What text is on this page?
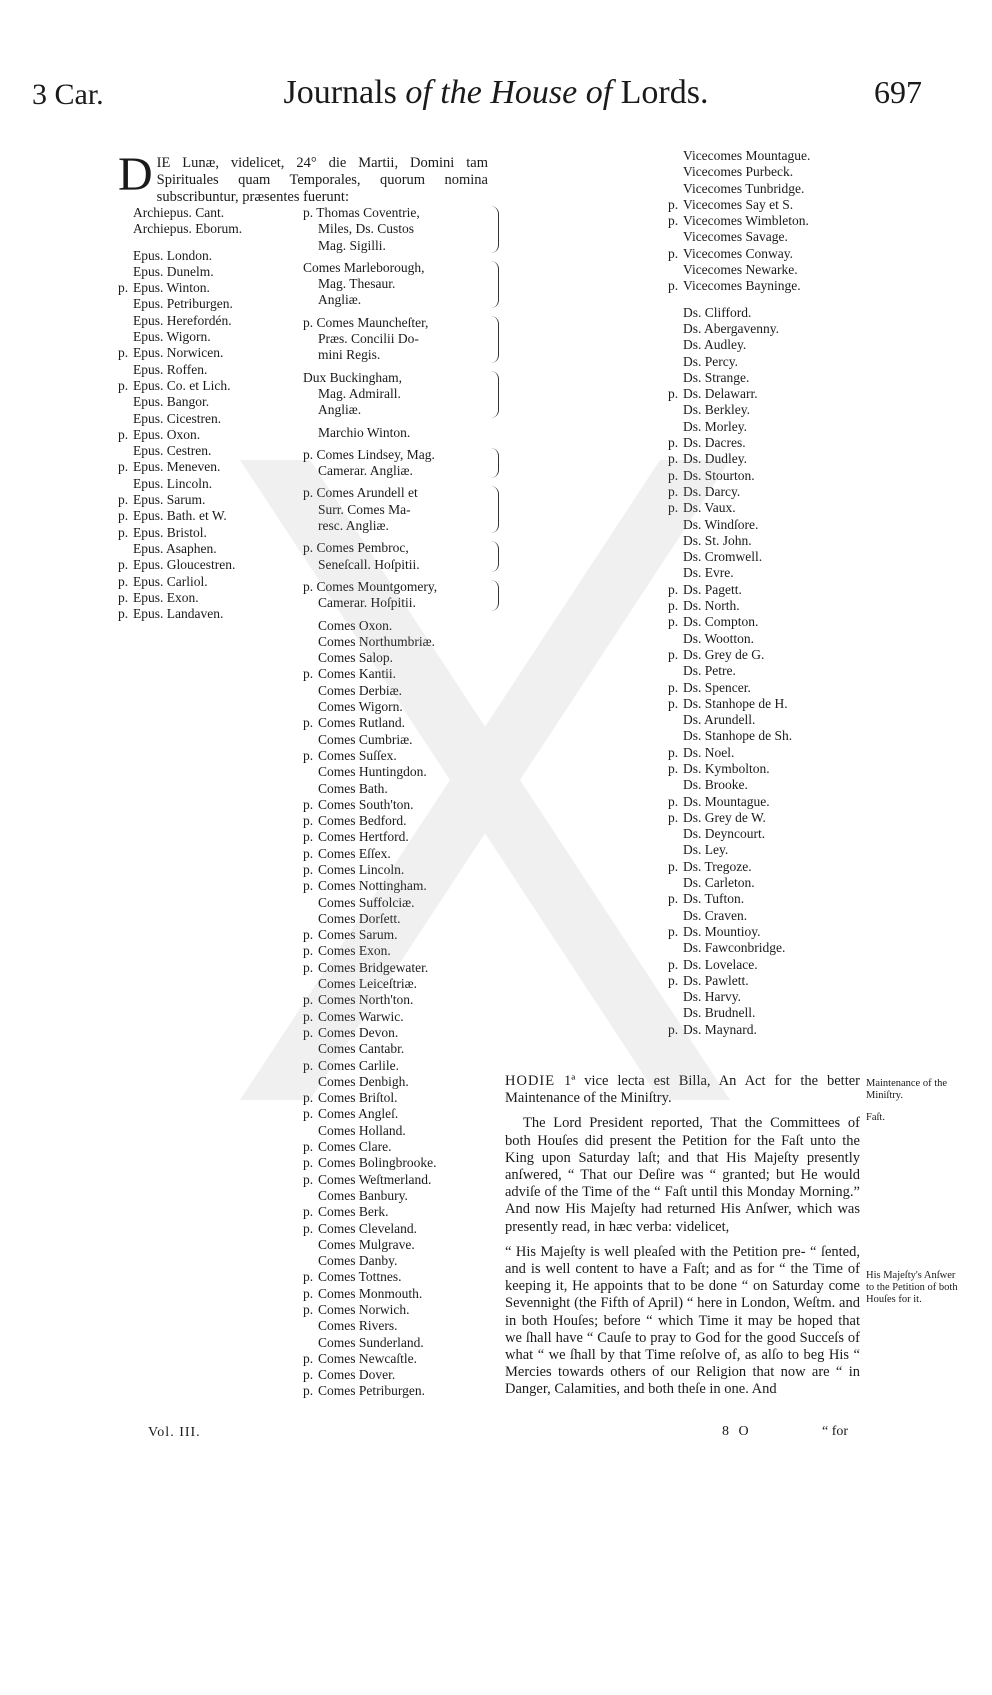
3 Car.	Journals of the House of Lords.	697
D IE Lunæ, videlicet, 24° die Martii, Domini tam Spirituales quam Temporales, quorum nomina subscribuntur, præsentes fuerunt:
Archiepus. Cant.
Archiepus. Eborum.
Epus. London.
Epus. Dunelm.
p. Epus. Winton.
Epus. Petriburgen.
Epus. Herefordén.
Epus. Wigorn.
p. Epus. Norwicen.
Epus. Roffen.
p. Epus. Co. et Lich.
Epus. Bangor.
Epus. Cicestren.
p. Epus. Oxon.
Epus. Cestren.
p. Epus. Meneven.
Epus. Lincoln.
p. Epus. Sarum.
p. Epus. Bath. et W.
p. Epus. Bristol.
Epus. Asaphen.
p. Epus. Gloucestren.
p. Epus. Carliol.
p. Epus. Exon.
p. Epus. Landaven.
p. Thomas Coventrie,
Miles, Ds. Custos
Mag. Sigilli.
Comes Marleborough,
Mag. Thesaur.
Angliæ.
p. Comes Mauncheſter,
Præs. Concilii Do-
mini Regis.
Dux Buckingham,
Mag. Admirall.
Angliæ.
Marchio Winton.
p. Comes Lindsey, Mag.
Camerar. Angliæ.
p. Comes Arundell et
Surr. Comes Ma-
resc. Angliæ.
p. Comes Pembroc,
Seneſcall. Hoſpitii.
p. Comes Mountgomery,
Camerar. Hoſpitii.
Comes Oxon.
Comes Northumbriæ.
Comes Salop.
p. Comes Kantii.
Comes Derbiæ.
Comes Wigorn.
p. Comes Rutland.
Comes Cumbriæ.
p. Comes Suſſex.
Comes Huntingdon.
Comes Bath.
p. Comes South'ton.
p. Comes Bedford.
p. Comes Hertford.
p. Comes Eſſex.
p. Comes Lincoln.
p. Comes Nottingham.
Comes Suffolciæ.
Comes Dorſett.
p. Comes Sarum.
p. Comes Exon.
p. Comes Bridgewater.
Comes Leiceſtriæ.
p. Comes North'ton.
p. Comes Warwic.
p. Comes Devon.
Comes Cantabr.
p. Comes Carlile.
Comes Denbigh.
p. Comes Briſtol.
p. Comes Angleſ.
Comes Holland.
p. Comes Clare.
p. Comes Bolingbrooke.
p. Comes Weſtmerland.
Comes Banbury.
p. Comes Berk.
p. Comes Cleveland.
Comes Mulgrave.
Comes Danby.
p. Comes Tottnes.
p. Comes Monmouth.
p. Comes Norwich.
Comes Rivers.
Comes Sunderland.
p. Comes Newcaſtle.
p. Comes Dover.
p. Comes Petriburgen.
Vicecomes Mountague.
Vicecomes Purbeck.
Vicecomes Tunbridge.
p. Vicecomes Say et S.
p. Vicecomes Wimbleton.
Vicecomes Savage.
p. Vicecomes Conway.
Vicecomes Newarke.
p. Vicecomes Bayninge.
Ds. Clifford.
Ds. Abergavenny.
Ds. Audley.
Ds. Percy.
Ds. Strange.
p. Ds. Delawarr.
Ds. Berkley.
Ds. Morley.
p. Ds. Dacres.
p. Ds. Dudley.
p. Ds. Stourton.
p. Ds. Darcy.
p. Ds. Vaux.
Ds. Windſore.
Ds. St. John.
Ds. Cromwell.
Ds. Evre.
p. Ds. Pagett.
p. Ds. North.
p. Ds. Compton.
Ds. Wootton.
p. Ds. Grey de G.
Ds. Petre.
p. Ds. Spencer.
p. Ds. Stanhope de H.
Ds. Arundell.
Ds. Stanhope de Sh.
p. Ds. Noel.
p. Ds. Kymbolton.
Ds. Brooke.
p. Ds. Mountague.
p. Ds. Grey de W.
Ds. Deyncourt.
Ds. Ley.
p. Ds. Tregoze.
Ds. Carleton.
p. Ds. Tufton.
Ds. Craven.
p. Ds. Mountioy.
Ds. Fawconbridge.
p. Ds. Lovelace.
p. Ds. Pawlett.
Ds. Harvy.
Ds. Brudnell.
p. Ds. Maynard.

HODIE 1ª vice lecta est Billa, An Act for the better Maintenance of the Miniſtry.

The Lord President reported, That the Committees of both Houſes did present the Petition for the Faſt unto the King upon Saturday laſt; and that His Majeſty presently anſwered, “ That our Deſire was “ granted; but He would adviſe of the Time of the “ Faſt until this Monday Morning.” And now His Majeſty had returned His Anſwer, which was presently read, in hæc verba: videlicet,

“ His Majeſty is well pleaſed with the Petition pre- “ ſented, and is well content to have a Faſt; and as for “ the Time of keeping it, He appoints that to be done “ on Saturday come Sevennight (the Fifth of April) “ here in London, Weſtm. and in both Houſes; before “ which Time it may be hoped that we ſhall have “ Cauſe to pray to God for the good Succeſs of what “ we ſhall by that Time reſolve of, as alſo to beg His “ Mercies towards others of our Religion that now are “ in Danger, Calamities, and both theſe in one. And

Maintenance of the Miniſtry.
Faſt.
His Majeſty's Anſwer to the Petition of both Houſes for it.
Vol. III.	8 O	“ for
